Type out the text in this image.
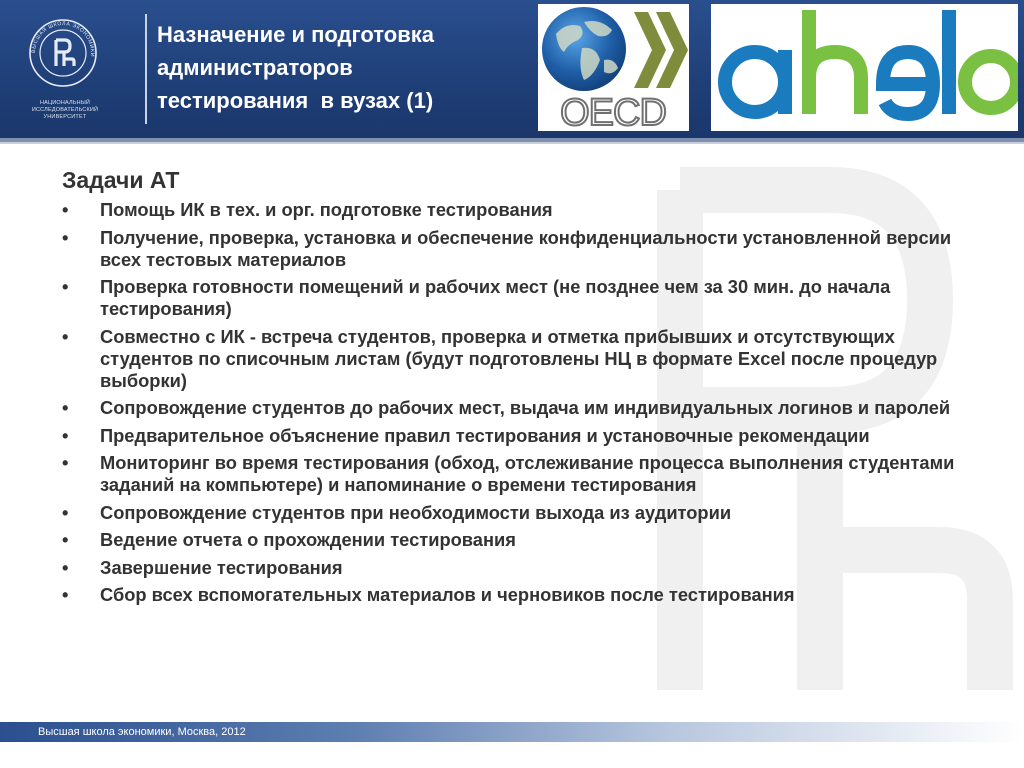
ВЫСШАЯ ШКОЛА ЭКОНОМИКИ
НАЦИОНАЛЬНЫЙ ИССЛЕДОВАТЕЛЬСКИЙ
УНИВЕРСИТЕТ
Назначение и подготовка
администраторов
тестирования  в вузах (1)	OECD ahelo
Задачи АТ
•	Помощь ИК в тех. и орг. подготовке тестирования
•	Получение, проверка, установка и обеспечение конфиденциальности установленной версии всех тестовых материалов
•	Проверка готовности помещений и рабочих мест (не позднее чем за 30 мин. до начала тестирования)
•	Совместно с ИК - встреча студентов, проверка и отметка прибывших и отсутствующих студентов по списочным листам (будут подготовлены НЦ в формате Excel после процедур выборки)
•	Сопровождение студентов до рабочих мест, выдача им индивидуальных логинов и паролей
•	Предварительное объяснение правил тестирования и установочные рекомендации
•	Мониторинг во время тестирования (обход, отслеживание процесса выполнения студентами заданий на компьютере) и напоминание о времени тестирования
•	Сопровождение студентов при необходимости выхода из аудитории
•	Ведение отчета о прохождении тестирования
•	Завершение тестирования
•	Сбор всех вспомогательных материалов и черновиков после тестирования
Высшая школа экономики, Москва, 2012
